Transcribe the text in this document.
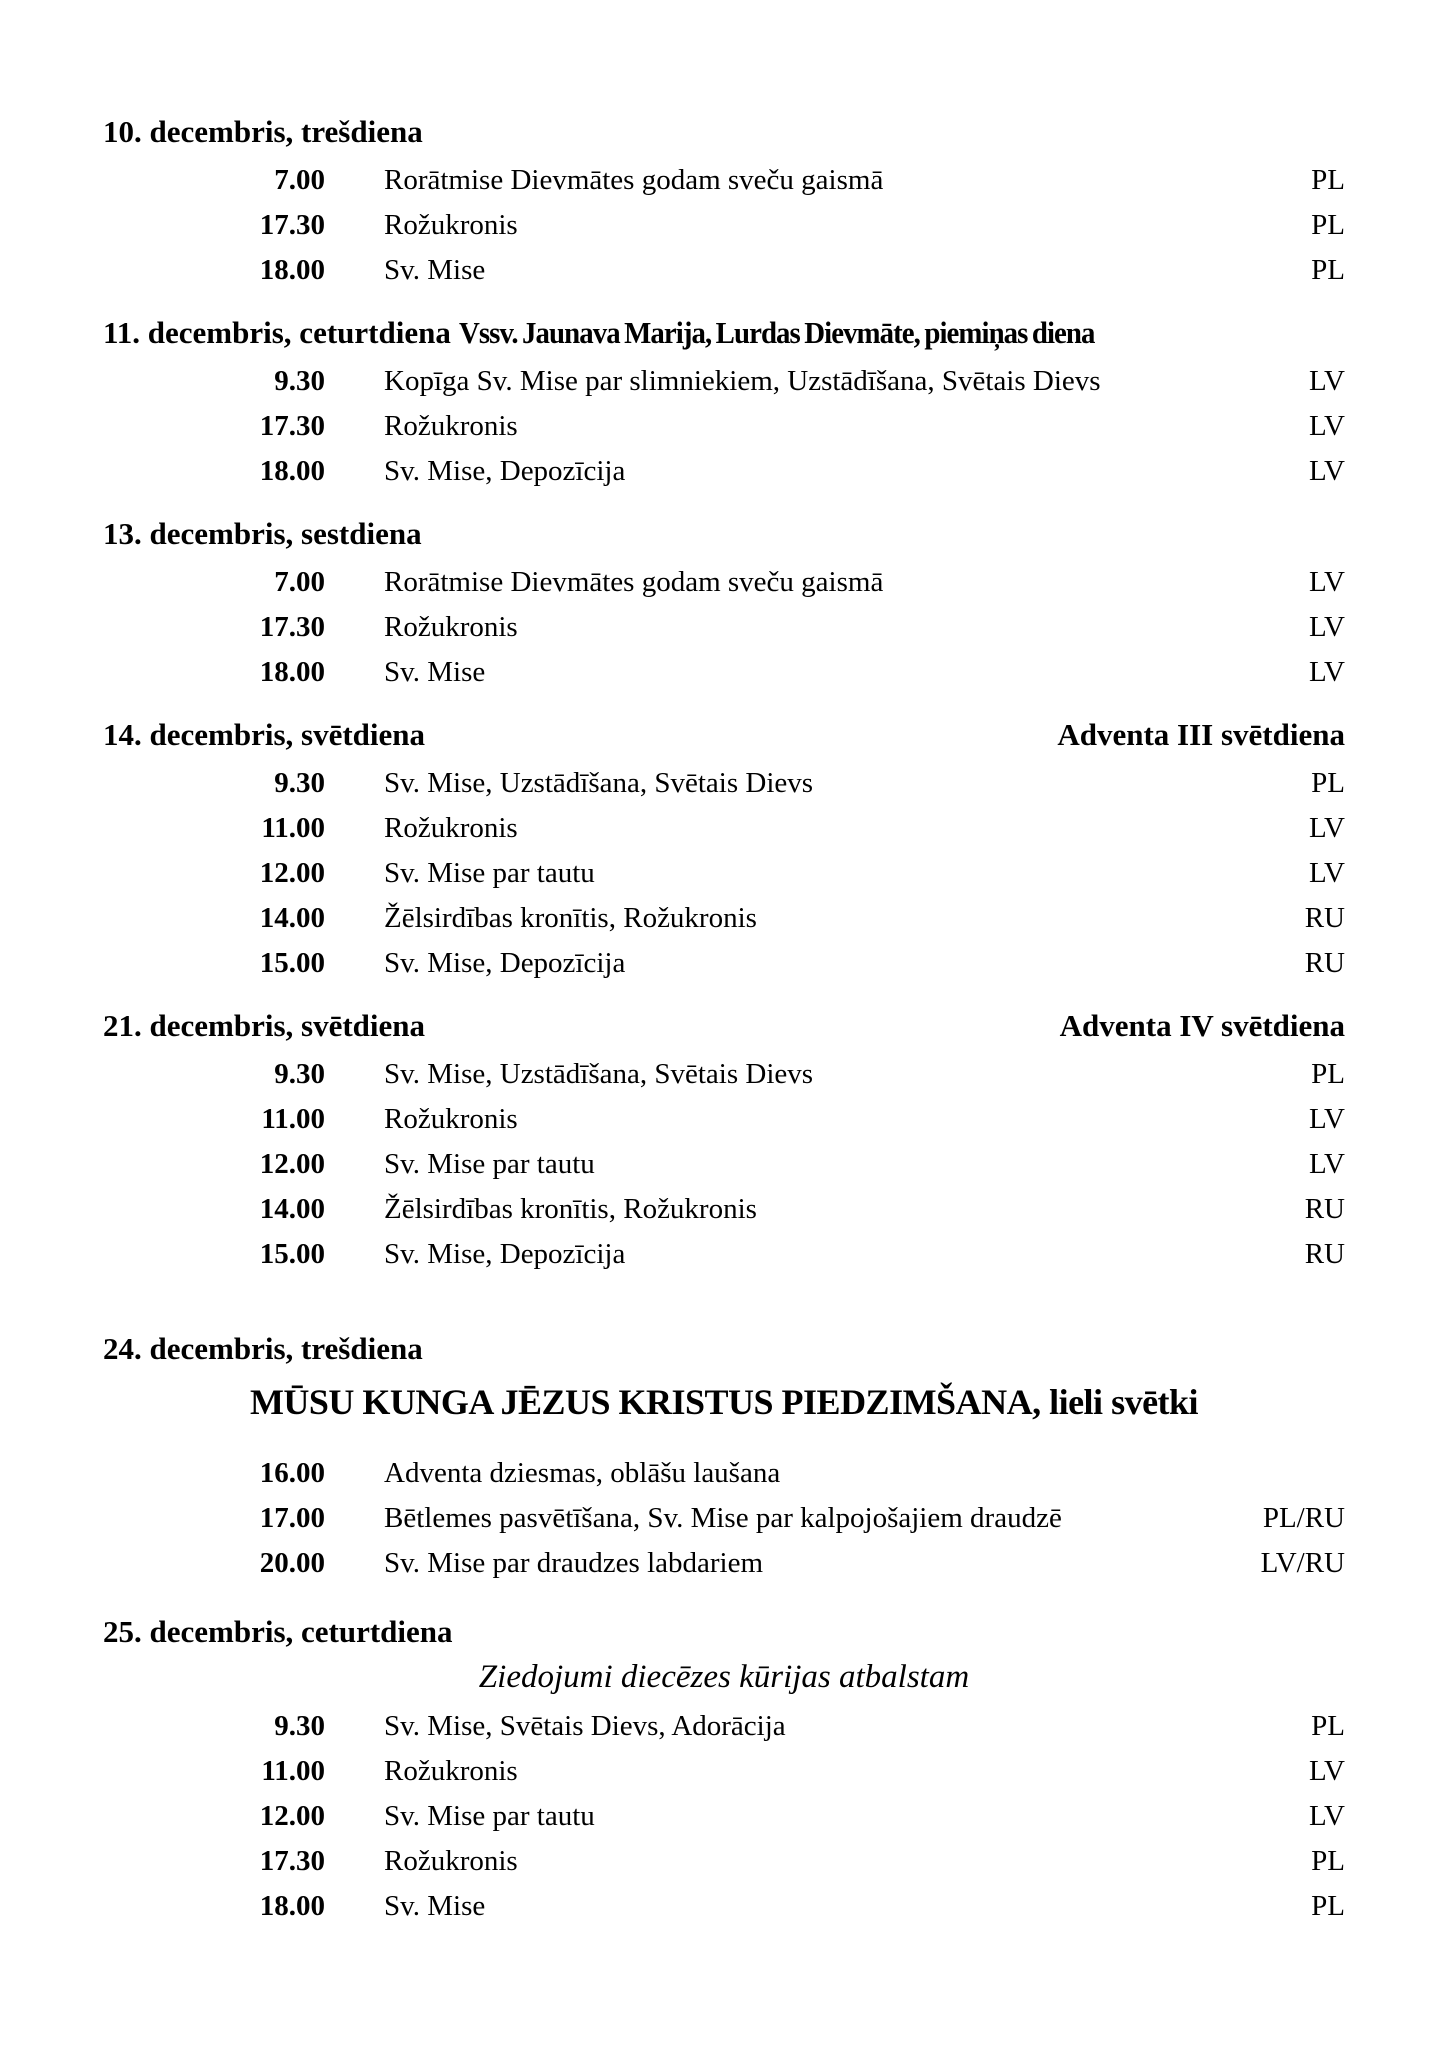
10. decembris, trešdiena
7.00 Rorātmise Dievmātes godam sveču gaismā	PL
17.30 Rožukronis	PL
18.00 Sv. Mise	PL
11. decembris, ceturtdiena Vssv. Jaunava Marija, Lurdas Dievmāte, piemiņas diena
9.30 Kopīga Sv. Mise par slimniekiem, Uzstādīšana, Svētais Dievs	LV
17.30 Rožukronis	LV
18.00 Sv. Mise, Depozīcija	LV
13. decembris, sestdiena
7.00 Rorātmise Dievmātes godam sveču gaismā	LV
17.30 Rožukronis	LV
18.00 Sv. Mise	LV
14. decembris, svētdiena	Adventa III svētdiena
9.30 Sv. Mise, Uzstādīšana, Svētais Dievs	PL
11.00 Rožukronis	LV
12.00 Sv. Mise par tautu	LV
14.00 Žēlsirdības kronītis, Rožukronis	RU
15.00 Sv. Mise, Depozīcija	RU
21. decembris, svētdiena	Adventa IV svētdiena
9.30 Sv. Mise, Uzstādīšana, Svētais Dievs	PL
11.00 Rožukronis	LV
12.00 Sv. Mise par tautu	LV
14.00 Žēlsirdības kronītis, Rožukronis	RU
15.00 Sv. Mise, Depozīcija	RU
24. decembris, trešdiena
MŪSU KUNGA JĒZUS KRISTUS PIEDZIMŠANA, lieli svētki
16.00 Adventa dziesmas, oblāšu laušana
17.00 Bētlemes pasvētīšana, Sv. Mise par kalpojošajiem draudzē	PL/RU
20.00 Sv. Mise par draudzes labdariem	LV/RU
25. decembris, ceturtdiena
Ziedojumi diecēzes kūrijas atbalstam
9.30 Sv. Mise, Svētais Dievs, Adorācija	PL
11.00 Rožukronis	LV
12.00 Sv. Mise par tautu	LV
17.30 Rožukronis	PL
18.00 Sv. Mise	PL
